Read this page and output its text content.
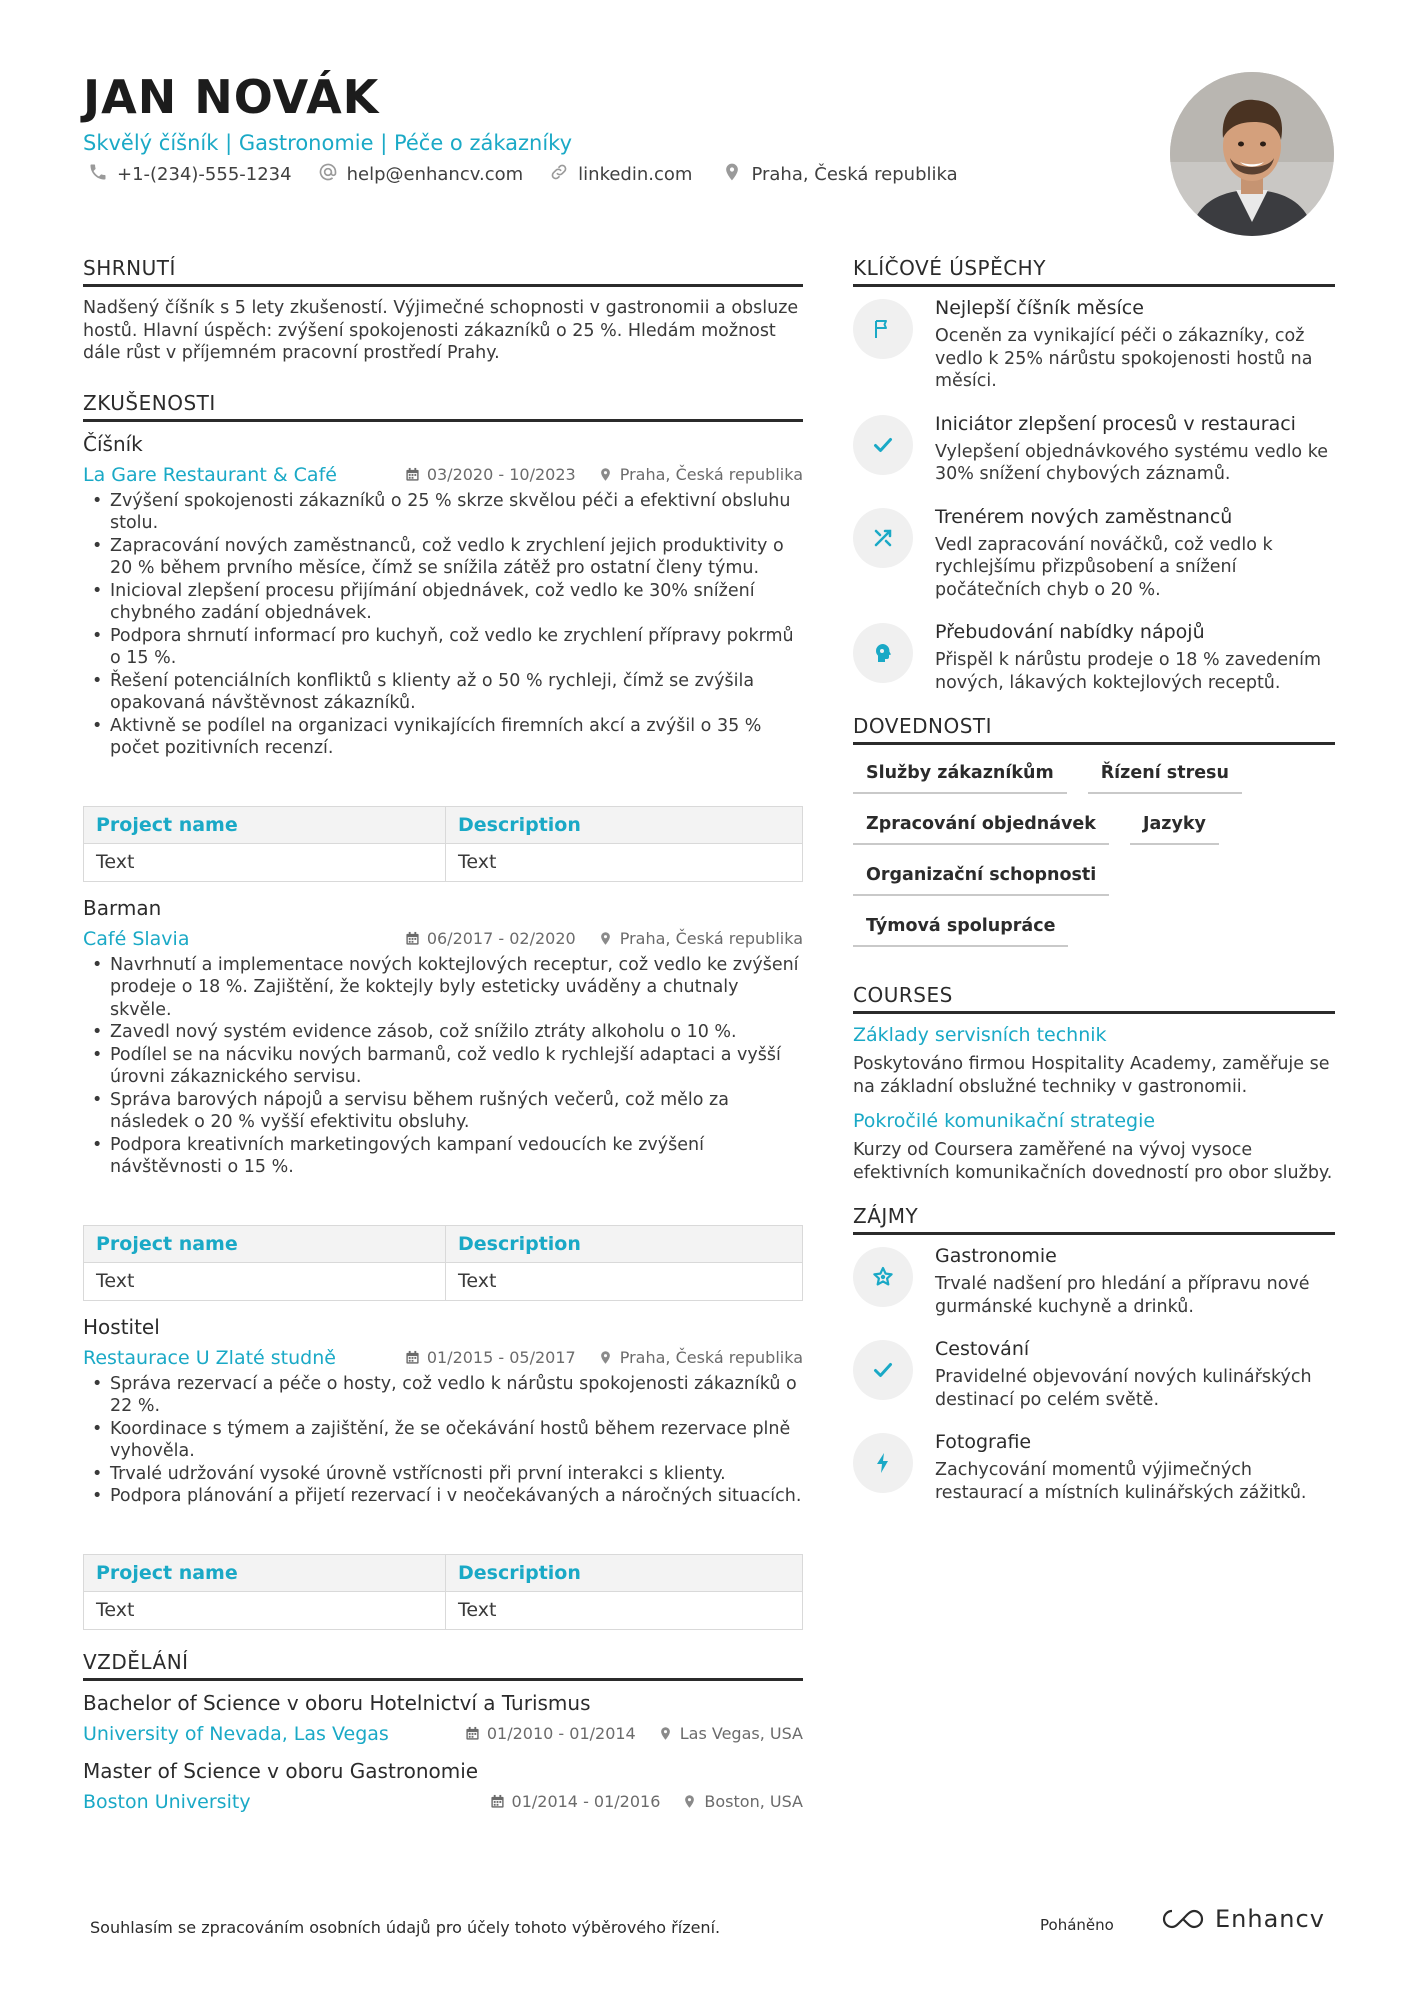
JAN NOVÁK
Skvělý číšník | Gastronomie | Péče o zákazníky
+1-(234)-555-1234	help@enhancv.com	linkedin.com	Praha, Česká republika
SHRNUTÍ
Nadšený číšník s 5 lety zkušeností. Výjimečné schopnosti v gastronomii a obsluze hostů. Hlavní úspěch: zvýšení spokojenosti zákazníků o 25 %. Hledám možnost dále růst v příjemném pracovní prostředí Prahy.
ZKUŠENOSTI
Číšník
La Gare Restaurant & Café	03/2020 - 10/2023	Praha, Česká republika
• Zvýšení spokojenosti zákazníků o 25 % skrze skvělou péči a efektivní obsluhu stolu.
• Zapracování nových zaměstnanců, což vedlo k zrychlení jejich produktivity o 20 % během prvního měsíce, čímž se snížila zátěž pro ostatní členy týmu.
• Inicioval zlepšení procesu přijímání objednávek, což vedlo ke 30% snížení chybného zadání objednávek.
• Podpora shrnutí informací pro kuchyň, což vedlo ke zrychlení přípravy pokrmů o 15 %.
• Řešení potenciálních konfliktů s klienty až o 50 % rychleji, čímž se zvýšila opakovaná návštěvnost zákazníků.
• Aktivně se podílel na organizaci vynikajících firemních akcí a zvýšil o 35 % počet pozitivních recenzí.
Project name	Description
Text	Text
Barman
Café Slavia	06/2017 - 02/2020	Praha, Česká republika
• Navrhnutí a implementace nových koktejlových receptur, což vedlo ke zvýšení prodeje o 18 %. Zajištění, že koktejly byly esteticky uváděny a chutnaly skvěle.
• Zavedl nový systém evidence zásob, což snížilo ztráty alkoholu o 10 %.
• Podílel se na nácviku nových barmanů, což vedlo k rychlejší adaptaci a vyšší úrovni zákaznického servisu.
• Správa barových nápojů a servisu během rušných večerů, což mělo za následek o 20 % vyšší efektivitu obsluhy.
• Podpora kreativních marketingových kampaní vedoucích ke zvýšení návštěvnosti o 15 %.
Project name	Description
Text	Text
Hostitel
Restaurace U Zlaté studně	01/2015 - 05/2017	Praha, Česká republika
• Správa rezervací a péče o hosty, což vedlo k nárůstu spokojenosti zákazníků o 22 %.
• Koordinace s týmem a zajištění, že se očekávání hostů během rezervace plně vyhověla.
• Trvalé udržování vysoké úrovně vstřícnosti při první interakci s klienty.
• Podpora plánování a přijetí rezervací i v neočekávaných a náročných situacích.
Project name	Description
Text	Text
VZDĚLÁNÍ
Bachelor of Science v oboru Hotelnictví a Turismus
University of Nevada, Las Vegas	01/2010 - 01/2014	Las Vegas, USA
Master of Science v oboru Gastronomie
Boston University	01/2014 - 01/2016	Boston, USA
KLÍČOVÉ ÚSPĚCHY
Nejlepší číšník měsíce
Oceněn za vynikající péči o zákazníky, což vedlo k 25% nárůstu spokojenosti hostů na měsíci.
Iniciátor zlepšení procesů v restauraci
Vylepšení objednávkového systému vedlo ke 30% snížení chybových záznamů.
Trenérem nových zaměstnanců
Vedl zapracování nováčků, což vedlo k rychlejšímu přizpůsobení a snížení počátečních chyb o 20 %.
Přebudování nabídky nápojů
Přispěl k nárůstu prodeje o 18 % zavedením nových, lákavých koktejlových receptů.
DOVEDNOSTI
Služby zákazníkům	Řízení stresu
Zpracování objednávek	Jazyky
Organizační schopnosti
Týmová spolupráce
COURSES
Základy servisních technik
Poskytováno firmou Hospitality Academy, zaměřuje se na základní obslužné techniky v gastronomii.
Pokročilé komunikační strategie
Kurzy od Coursera zaměřené na vývoj vysoce efektivních komunikačních dovedností pro obor služby.
ZÁJMY
Gastronomie
Trvalé nadšení pro hledání a přípravu nové gurmánské kuchyně a drinků.
Cestování
Pravidelné objevování nových kulinářských destinací po celém světě.
Fotografie
Zachycování momentů výjimečných restaurací a místních kulinářských zážitků.
Souhlasím se zpracováním osobních údajů pro účely tohoto výběrového řízení.	Poháněno	Enhancv
